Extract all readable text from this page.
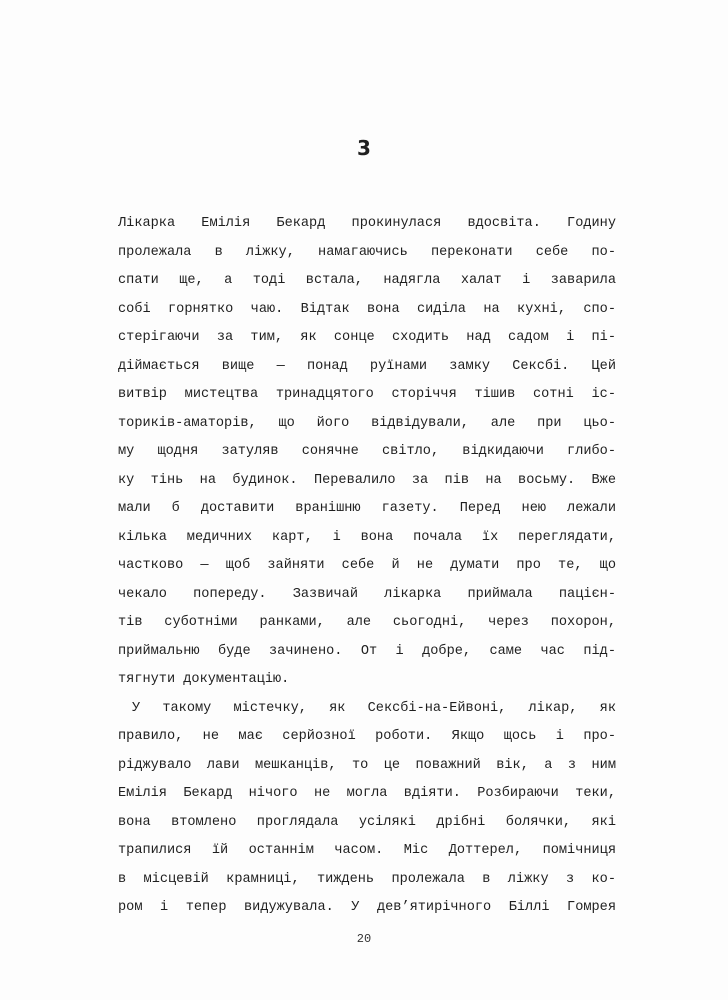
3
Лікарка Емілія Бекард прокинулася вдосвіта. Годину
пролежала в ліжку, намагаючись переконати себе по-
спати ще, а тоді встала, надягла халат і заварила
собі горнятко чаю. Відтак вона сиділа на кухні, спо-
стерігаючи за тим, як сонце сходить над садом і пі-
діймається вище — понад руїнами замку Сексбі. Цей
витвір мистецтва тринадцятого сторіччя тішив сотні іс-
ториків-аматорів, що його відвідували, але при цьо-
му щодня затуляв сонячне світло, відкидаючи глибо-
ку тінь на будинок. Перевалило за пів на восьму. Вже
мали б доставити вранішню газету. Перед нею лежали
кілька медичних карт, і вона почала їх переглядати,
частково — щоб зайняти себе й не думати про те, що
чекало попереду. Зазвичай лікарка приймала пацієн-
тів суботніми ранками, але сьогодні, через похорон,
приймальню буде зачинено. От і добре, саме час під-
тягнути документацію.
У такому містечку, як Сексбі-на-Ейвоні, лікар, як
правило, не має серйозної роботи. Якщо щось і про-
ріджувало лави мешканців, то це поважний вік, а з ним
Емілія Бекард нічого не могла вдіяти. Розбираючи теки,
вона втомлено проглядала усілякі дрібні болячки, які
трапилися їй останнім часом. Міс Доттерел, помічниця
в місцевій крамниці, тиждень пролежала в ліжку з ко-
ром і тепер видужувала. У дев’ятирічного Біллі Гомрея
20
